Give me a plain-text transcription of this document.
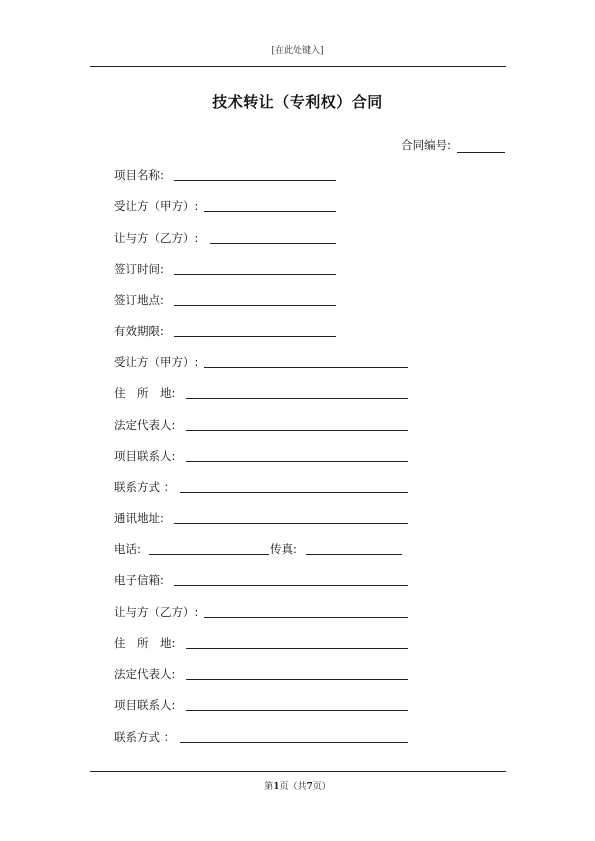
[在此处键入]
技术转让（专利权）合同
合同编号:
项目名称:
受让方（甲方）:
让与方（乙方）:
签订时间:
签订地点:
有效期限:
受让方（甲方）:
住　所　地:
法定代表人:
项目联系人:
联系方式 ：
通讯地址:
电话:	传真:
电子信箱:
让与方（乙方）:
住　所　地:
法定代表人:
项目联系人:
联系方式 ：
第1页（共7页）
